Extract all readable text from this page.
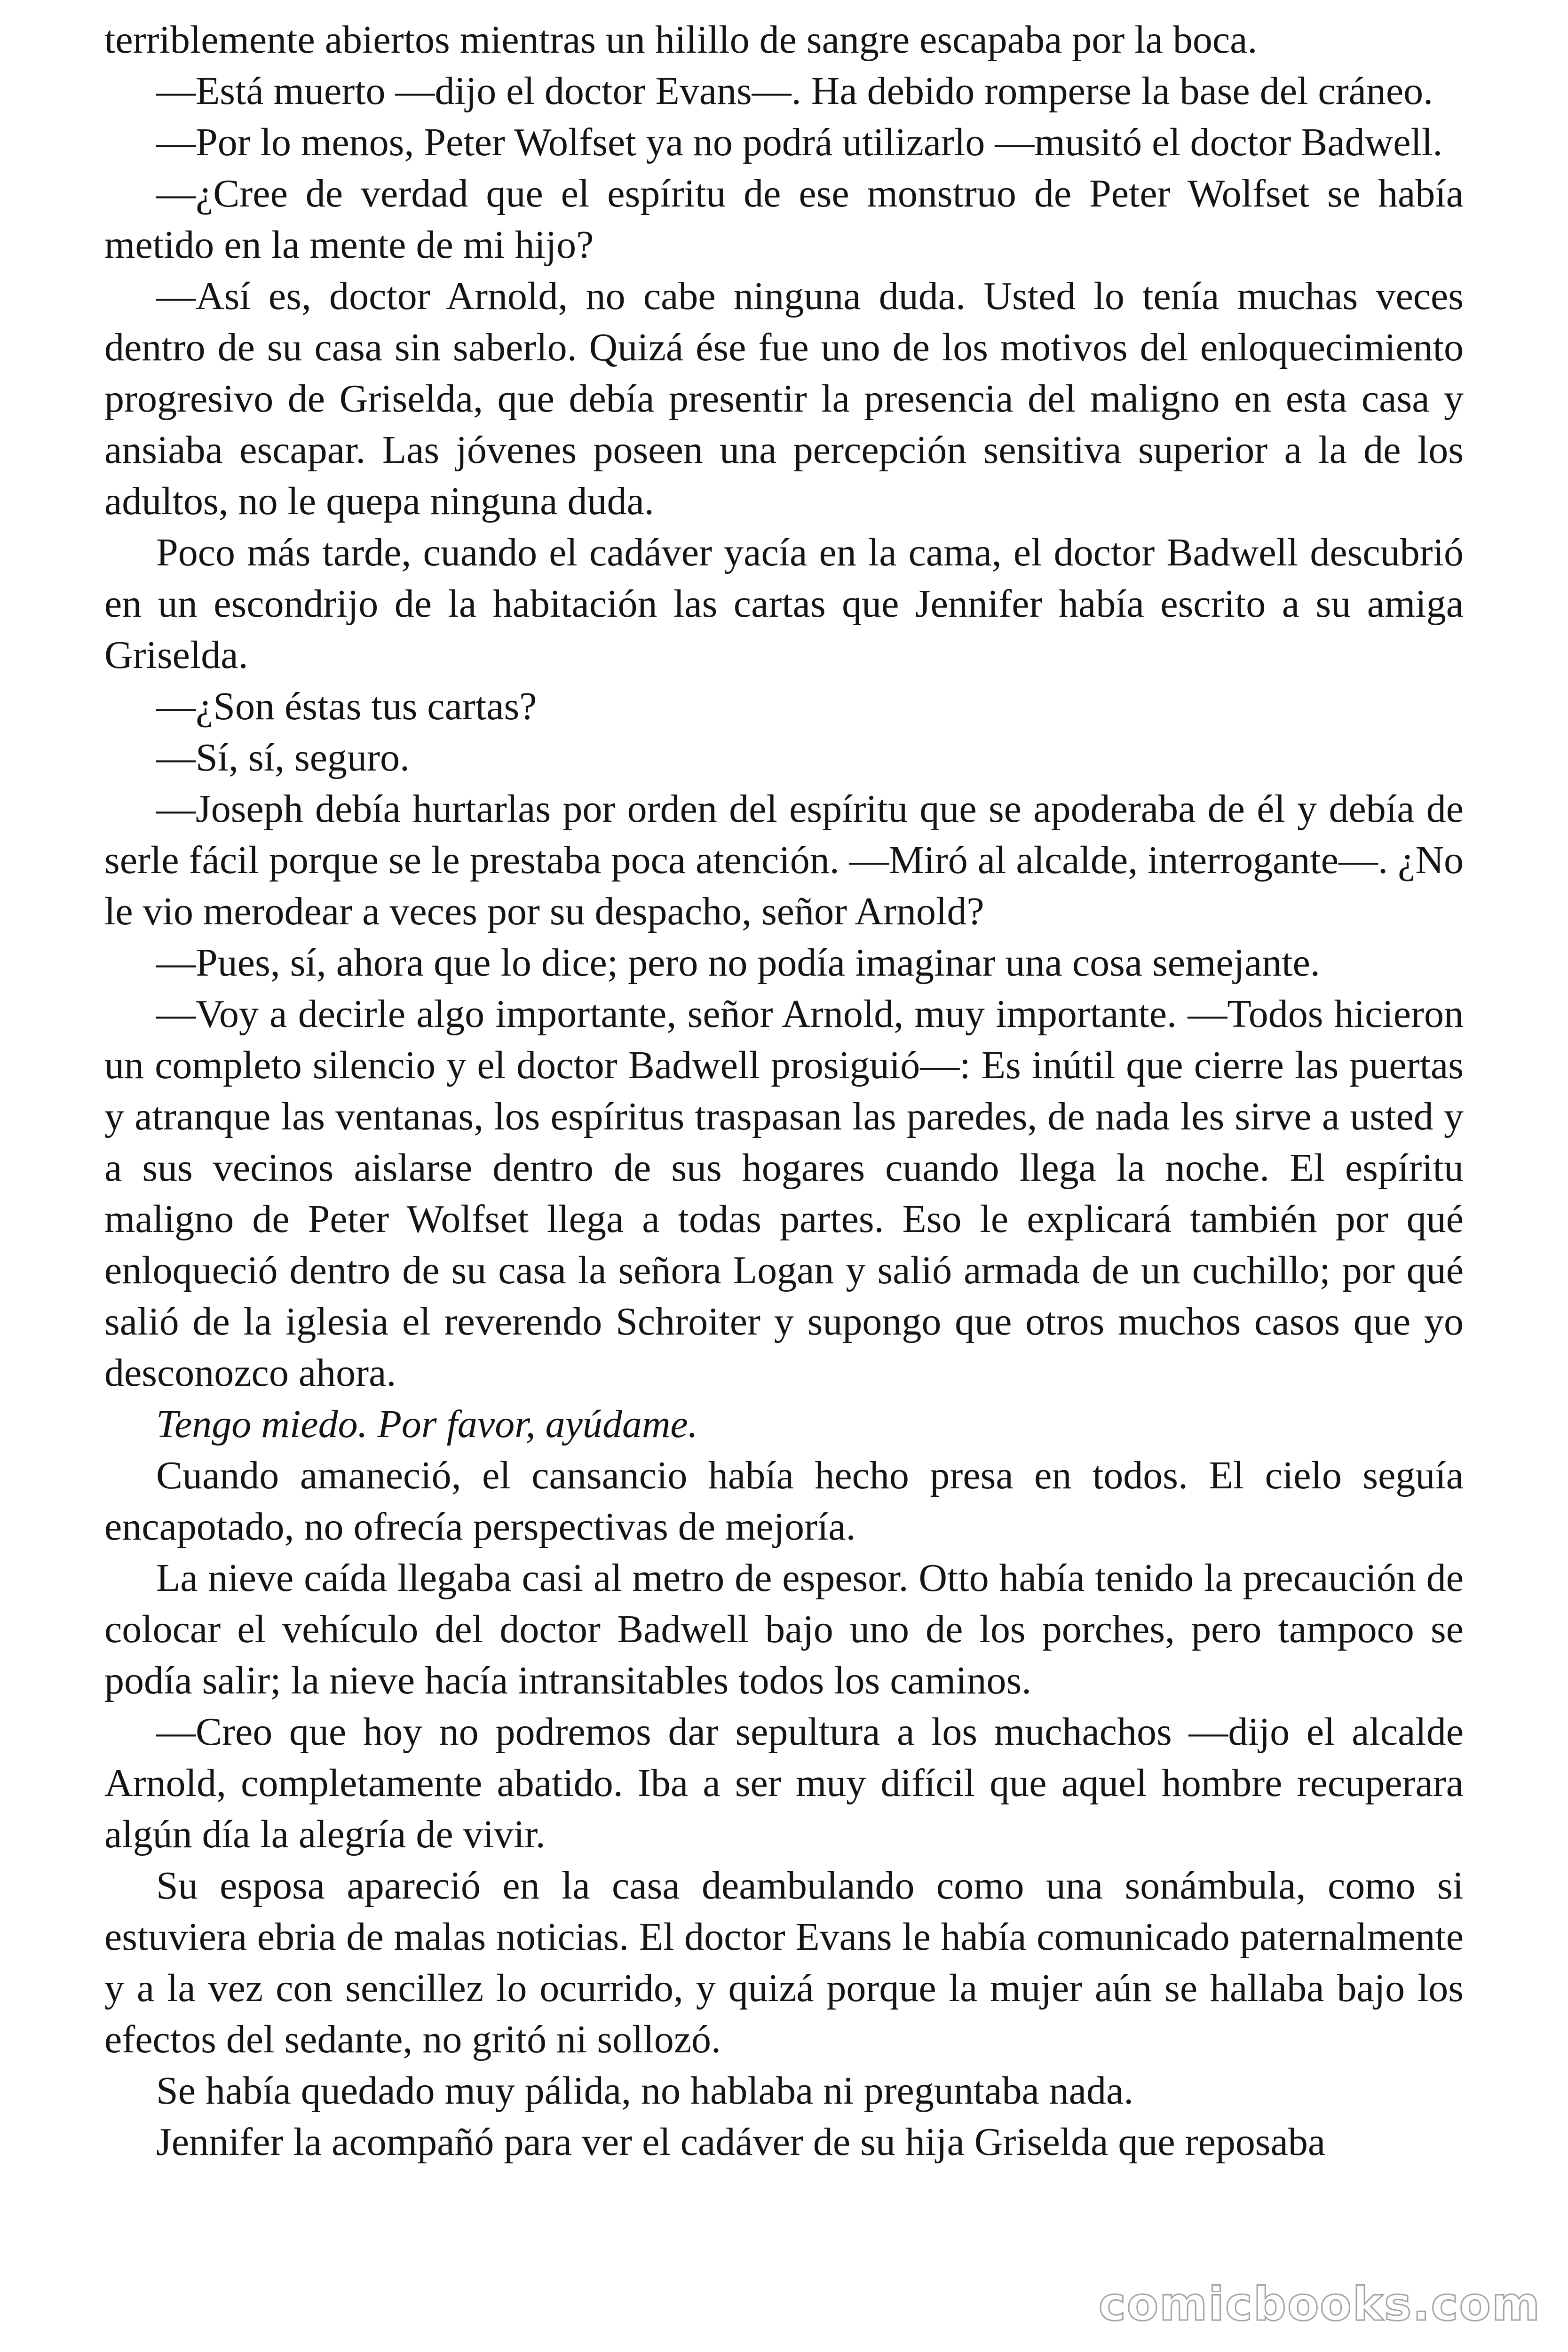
terriblemente abiertos mientras un hilillo de sangre escapaba por la boca.

—Está muerto —dijo el doctor Evans—. Ha debido romperse la base del cráneo.

—Por lo menos, Peter Wolfset ya no podrá utilizarlo —musitó el doctor Badwell.

—¿Cree de verdad que el espíritu de ese monstruo de Peter Wolfset se había metido en la mente de mi hijo?

—Así es, doctor Arnold, no cabe ninguna duda. Usted lo tenía muchas veces dentro de su casa sin saberlo. Quizá ése fue uno de los motivos del enloquecimiento progresivo de Griselda, que debía presentir la presencia del maligno en esta casa y ansiaba escapar. Las jóvenes poseen una percepción sensitiva superior a la de los adultos, no le quepa ninguna duda.

Poco más tarde, cuando el cadáver yacía en la cama, el doctor Badwell descubrió en un escondrijo de la habitación las cartas que Jennifer había escrito a su amiga Griselda.

—¿Son éstas tus cartas?

—Sí, sí, seguro.

—Joseph debía hurtarlas por orden del espíritu que se apoderaba de él y debía de serle fácil porque se le prestaba poca atención. —Miró al alcalde, interrogante—. ¿No le vio merodear a veces por su despacho, señor Arnold?

—Pues, sí, ahora que lo dice; pero no podía imaginar una cosa semejante.

—Voy a decirle algo importante, señor Arnold, muy importante. —Todos hicieron un completo silencio y el doctor Badwell prosiguió—: Es inútil que cierre las puertas y atranque las ventanas, los espíritus traspasan las paredes, de nada les sirve a usted y a sus vecinos aislarse dentro de sus hogares cuando llega la noche. El espíritu maligno de Peter Wolfset llega a todas partes. Eso le explicará también por qué enloqueció dentro de su casa la señora Logan y salió armada de un cuchillo; por qué salió de la iglesia el reverendo Schroiter y supongo que otros muchos casos que yo desconozco ahora.

Tengo miedo. Por favor, ayúdame.

Cuando amaneció, el cansancio había hecho presa en todos. El cielo seguía encapotado, no ofrecía perspectivas de mejoría.

La nieve caída llegaba casi al metro de espesor. Otto había tenido la precaución de colocar el vehículo del doctor Badwell bajo uno de los porches, pero tampoco se podía salir; la nieve hacía intransitables todos los caminos.

—Creo que hoy no podremos dar sepultura a los muchachos —dijo el alcalde Arnold, completamente abatido. Iba a ser muy difícil que aquel hombre recuperara algún día la alegría de vivir.

Su esposa apareció en la casa deambulando como una sonámbula, como si estuviera ebria de malas noticias. El doctor Evans le había comunicado paternalmente y a la vez con sencillez lo ocurrido, y quizá porque la mujer aún se hallaba bajo los efectos del sedante, no gritó ni sollozó.

Se había quedado muy pálida, no hablaba ni preguntaba nada.

Jennifer la acompañó para ver el cadáver de su hija Griselda que reposaba

comicbooks.com
